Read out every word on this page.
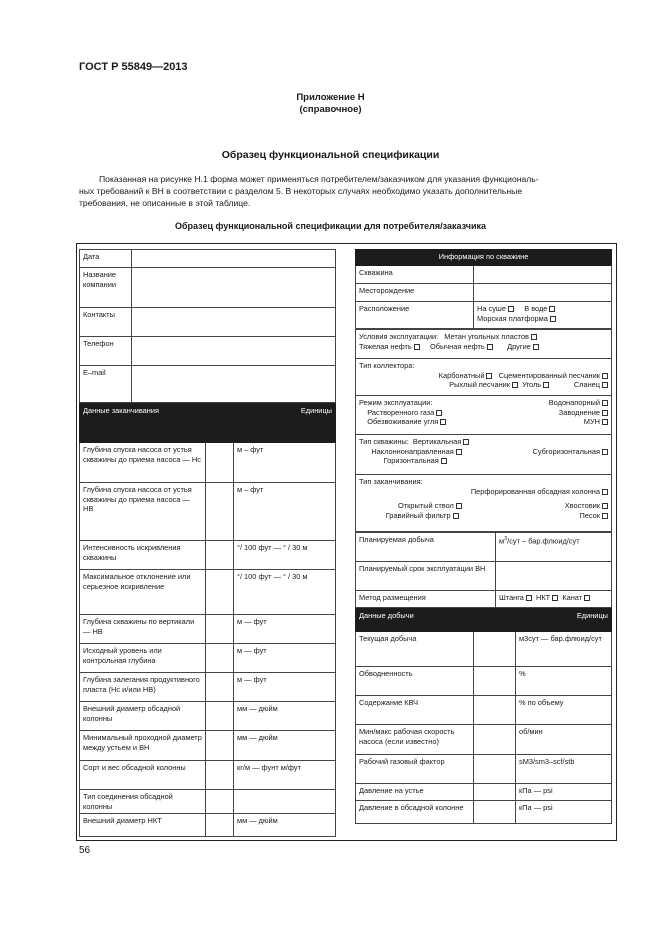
ГОСТ Р 55849—2013
Приложение Н
(справочное)
Образец функциональной спецификации
Показанная на рисунке Н.1 форма может применяться потребителем/заказчиком для указания функциональ-
ных требований к ВН в соответствии с разделом 5. В некоторых случаях необходимо указать дополнительные
требования, не описанные в этой таблице.
Образец функциональной спецификации для потребителя/заказчика
Дата	
Название компании	
Контакты	
Телефон	
E–mail	
Данные заканчивания		Единицы
Глубина спуска насоса от устья скважины до приема насоса — Hc		м – фут
Глубина спуска насоса от устья скважины до приема насоса — HB		м – фут
Интенсивность искривления скважины		°/ 100 фут — ° / 30 м
Максимальное отклонение или серьезное искривление		°/ 100 фут — ° / 30 м
Глубина скважины по вертикали — HB		м — фут
Исходный уровень или контрольная глубина		м — фут
Глубина залегания продуктивного пласта (Hc и/или HB)		м — фут
Внешний диаметр обсадной колонны		мм — дюйм
Минимальный проходной диаметр между устьем и ВН		мм — дюйм
Сорт и вес обсадной колонны		кг/м — фунт м/фут
Тип соединения обсадной колонны		
Внешний диаметр НКТ		мм — дюйм
Информация по скважине	
Скважина	
Месторождение	
Расположение	На суше В воде
Морская платформа
Условия эксплуатации: Метан угольных пластов
Тяжелая нефть Обычная нефть	Другие

Тип коллектора:
Карбонатный Сцементированный песчаник
Рыхлый песчаник Уголь	Сланец

Режим эксплуатации:	Водонапорный
Растворенного газа	Заводнение
Обезвоживание угля	МУН

Тип скважины: Вертикальная
Наклоннонаправленная	Субгоризонтальная
Горизонтальная

Тип заканчивания:
Перфорированная обсадная колонна
Открытый ствол	Хвостовик
Гравийный фильтр	Песок
Планируемая добыча	$м^3$/сут – бар.флюид/сут
Планируемый срок эксплуатации ВН	
Метод размещения	Штанга НКТ Канат
Данные добычи		Единицы
Текущая добыча		м3сут — бар.флюид/сут
Обводненность		%
Содержание КВЧ		% по объему
Мин/макс рабочая скорость насоса (если известно)		об/мин
Рабочий газовый фактор		sM3/sm3–scf/stb
Давление на устье		кПа — psi
Давление в обсадной колонне		кПа — psi
56
